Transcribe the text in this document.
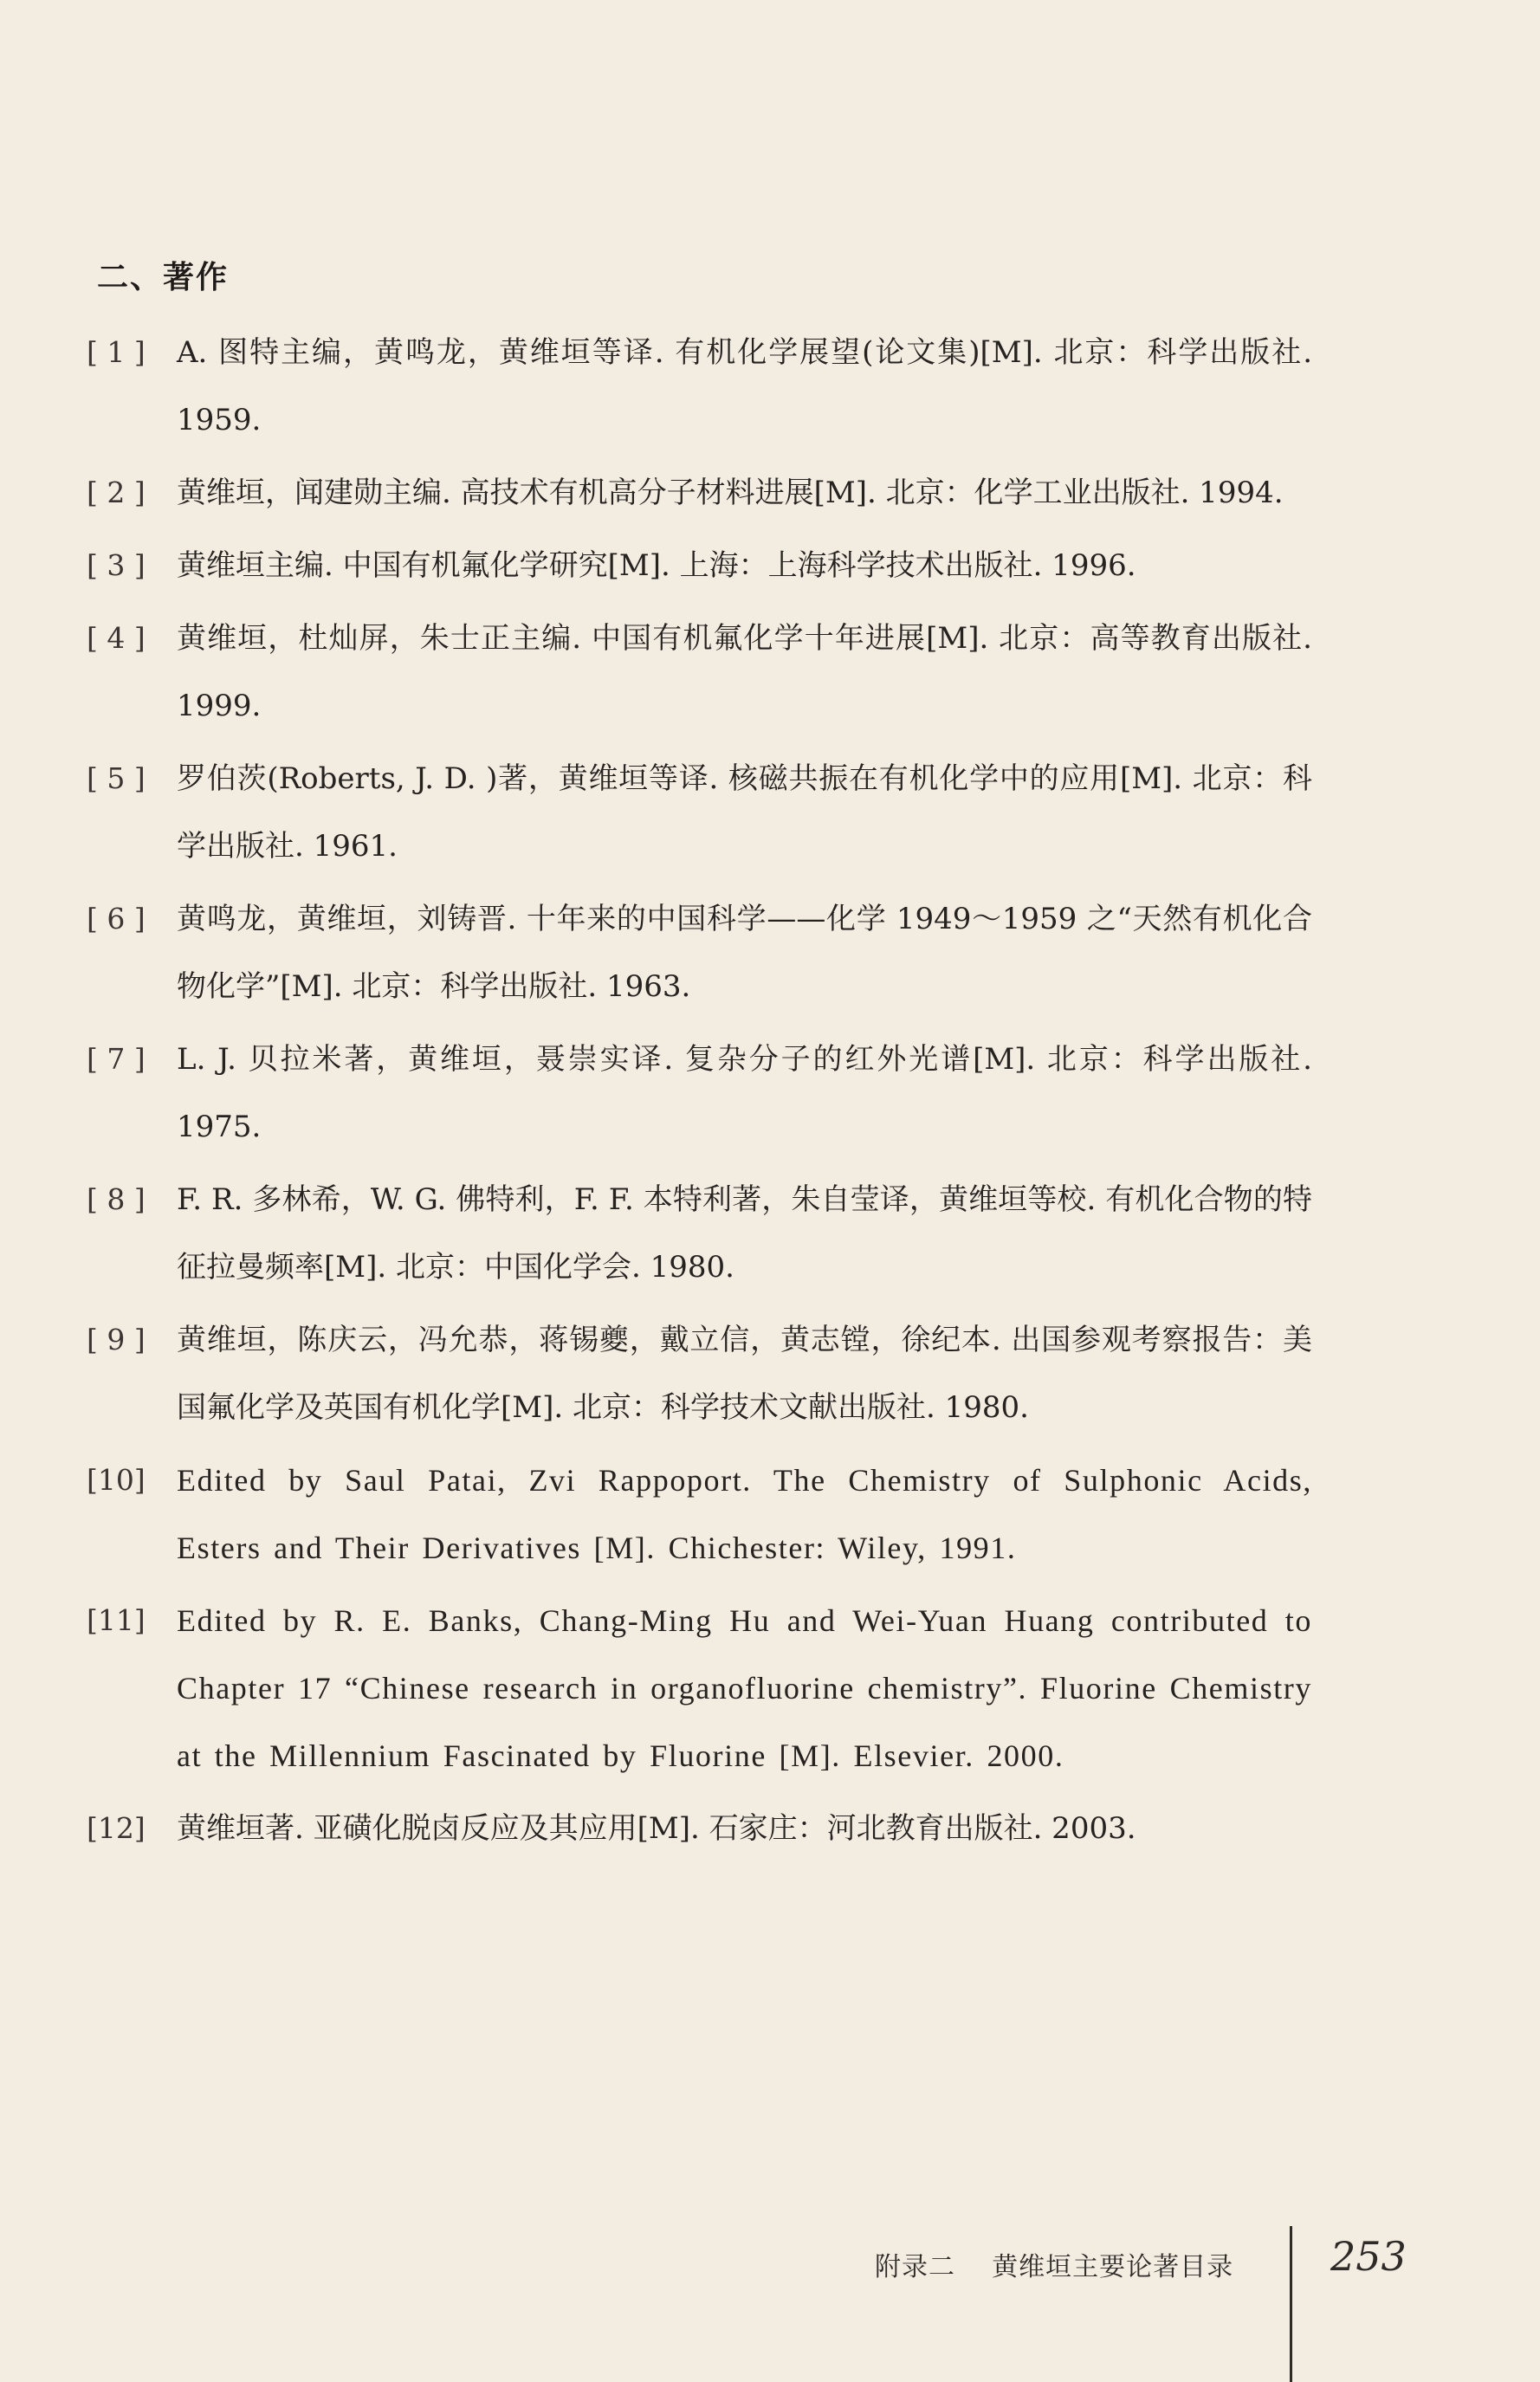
二、著作
[ 1 ]	A. 图特主编，黄鸣龙，黄维垣等译. 有机化学展望(论文集)[M]. 北京：科学出版社. 1959.
[ 2 ]	黄维垣，闻建勋主编. 高技术有机高分子材料进展[M]. 北京：化学工业出版社. 1994.
[ 3 ]	黄维垣主编. 中国有机氟化学研究[M]. 上海：上海科学技术出版社. 1996.
[ 4 ]	黄维垣，杜灿屏，朱士正主编. 中国有机氟化学十年进展[M]. 北京：高等教育出版社. 1999.
[ 5 ]	罗伯茨(Roberts, J. D. )著，黄维垣等译. 核磁共振在有机化学中的应用[M]. 北京：科学出版社. 1961.
[ 6 ]	黄鸣龙，黄维垣，刘铸晋. 十年来的中国科学——化学 1949～1959 之“天然有机化合物化学”[M]. 北京：科学出版社. 1963.
[ 7 ]	L. J. 贝拉米著，黄维垣，聂崇实译. 复杂分子的红外光谱[M]. 北京：科学出版社. 1975.
[ 8 ]	F. R. 多林希，W. G. 佛特利，F. F. 本特利著，朱自莹译，黄维垣等校. 有机化合物的特征拉曼频率[M]. 北京：中国化学会. 1980.
[ 9 ]	黄维垣，陈庆云，冯允恭，蒋锡夔，戴立信，黄志镗，徐纪本. 出国参观考察报告：美国氟化学及英国有机化学[M]. 北京：科学技术文献出版社. 1980.
[10]	Edited by Saul Patai, Zvi Rappoport. The Chemistry of Sulphonic Acids, Esters and Their Derivatives [M]. Chichester: Wiley, 1991.
[11]	Edited by R. E. Banks, Chang-Ming Hu and Wei-Yuan Huang contributed to Chapter 17 “Chinese research in organofluorine chemistry”. Fluorine Chemistry at the Millennium Fascinated by Fluorine [M]. Elsevier. 2000.
[12]	黄维垣著. 亚磺化脱卤反应及其应用[M]. 石家庄：河北教育出版社. 2003.
附录二    黄维垣主要论著目录 253
